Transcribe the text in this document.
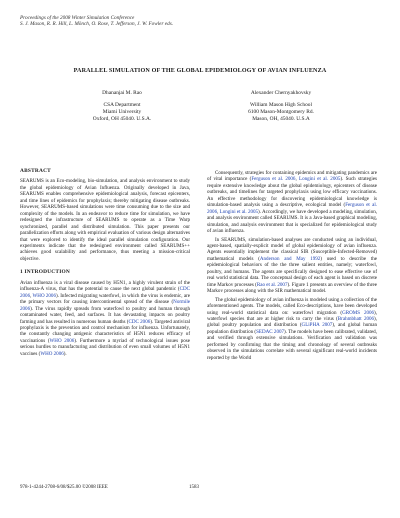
Proceedings of the 2008 Winter Simulation Conference
S. J. Mason, R. R. Hill, L. Mönch, O. Rose, T. Jefferson, J. W. Fowler eds.
PARALLEL SIMULATION OF THE GLOBAL EPIDEMIOLOGY OF AVIAN INFLUENZA
Dhananjai M. Rao
CSA Department
Miami University
Oxford, OH 45040. U.S.A.
Alexander Chernyakhovsky
William Mason High School
6100 Mason-Montgomery Rd.
Mason, OH, 45040. U.S.A
ABSTRACT

SEARUMS is an Eco-modeling, bio-simulation, and analysis environment to study the global epidemiology of Avian Influenza. Originally developed in Java, SEARUMS enables comprehensive epidemiological analysis, forecast epicenters, and time lines of epidemics for prophylaxis; thereby mitigating disease outbreaks. However, SEARUMS-based simulations were time consuming due to the size and complexity of the models. In an endeavor to reduce time for simulation, we have redesigned the infrastructure of SEARUMS to operate as a Time Warp synchronized, parallel and distributed simulation. This paper presents our parallelization efforts along with empirical evaluation of various design alternatives that were explored to identify the ideal parallel simulation configuration. Our experiments indicate that the redesigned environment called SEARUMS++ achieves good scalability and performance, thus meeting a mission-critical objective.

1 INTRODUCTION

Avian influenza is a viral disease caused by H5N1, a highly virulent strain of the influenza-A virus, that has the potential to cause the next global pandemic (CDC 2006, WHO 2006). Infected migrating waterfowl, in which the virus is endemic, are the primary vectors for causing intercontinental spread of the disease (Normile 2006). The virus rapidly spreads from waterfowl to poultry and human through contaminated water, feed, and surfaces. It has devastating impacts on poultry farming and has resulted in numerous human deaths (CDC 2006). Targeted antiviral prophylaxis is the prevention and control mechanism for influenza. Unfortunately, the constantly changing antigenic characteristics of H5N1 reduces efficacy of vaccinations (WHO 2006). Furthermore a myriad of technological issues pose serious hurdles to manufacturing and distribution of even small volumes of H5N1 vaccines (WHO 2006).

Consequently, strategies for containing epidemics and mitigating pandemics are of vital importance (Ferguson et al. 2006, Longini et al. 2005). Such strategies require extensive knowledge about the global epidemiology, epicenters of disease outbreaks, and timelines for targeted prophylaxis using low efficacy vaccinations. An effective methodology for discovering epidemiological knowledge is simulation-based analysis using a descriptive, ecological model (Ferguson et al. 2006, Longini et al. 2005). Accordingly, we have developed a modeling, simulation, and analysis environment called SEARUMS. It is a Java-based graphical modeling, simulation, and analysis environment that is specialized for epidemiological study of avian influenza.

In SEARUMS, simulation-based analyses are conducted using an individual, agent-based, spatially-explicit model of global epidemiology of avian influenza. Agents essentially implement the classical SIR (Susceptible-Infected-Removed) mathematical models (Anderson and May 1992) used to describe the epidemiological behaviors of the the three salient entities, namely; waterfowl, poultry, and humans. The agents are specifically designed to ease effective use of real world statistical data. The conceptual design of each agent is based on discrete time Markov processes (Rao et al. 2007). Figure 1 presents an overview of the three Markov processes along with the SIR mathematical model.

The global epidemiology of avian influenza is modeled using a collection of the aforementioned agents. The models, called Eco-descriptions, have been developed using real-world statistical data on: waterfowl migration (GROMS 2006), waterfowl species that are at higher risk to carry the virus (Brahmbhatt 2006), global poultry population and distribution (GLiPHA 2007), and global human population distribution (SEDAC 2007). The models have been calibrated, validated, and verified through extensive simulations. Verification and validation was performed by confirming that the timing and chronology of several outbreaks observed in the simulations correlate with several significant real-world incidents reported by the World

978-1-4244-2708-6/08/$25.00 ©2008 IEEE	1583
